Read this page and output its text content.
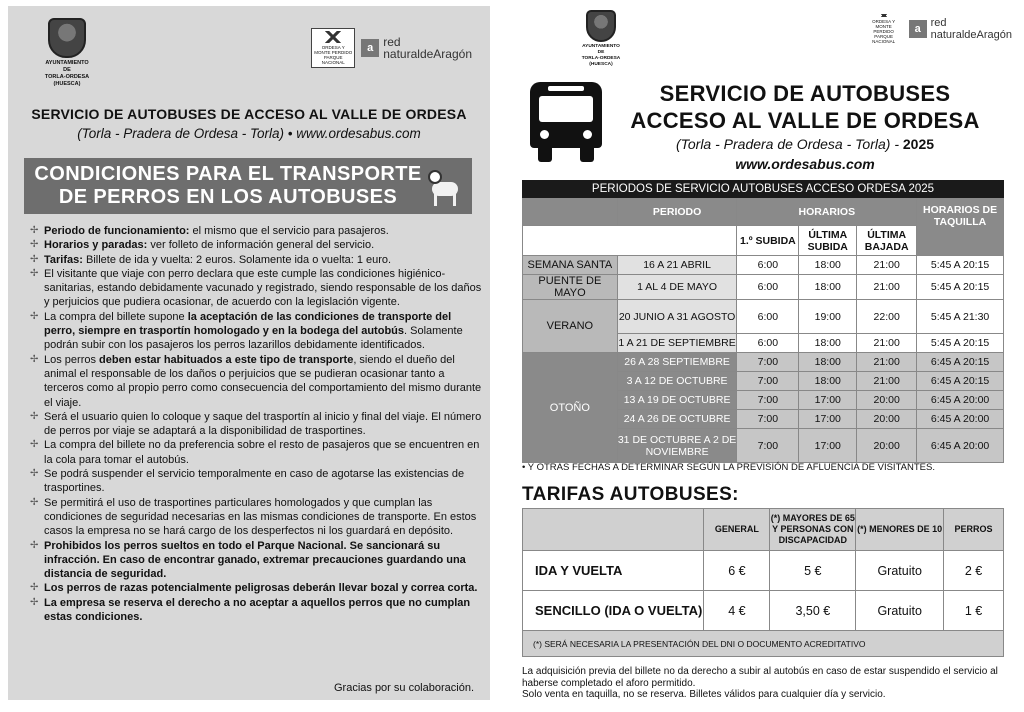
AYUNTAMIENTO
DE
TORLA-ORDESA
(HUESCA)
ORDESA Y
MONTE PERDIDO
PARQUE NACIONAL
a red
naturaldeAragón
SERVICIO DE AUTOBUSES DE ACCESO AL VALLE DE ORDESA
(Torla - Pradera de Ordesa - Torla) • www.ordesabus.com
CONDICIONES PARA EL TRANSPORTE
DE PERROS EN LOS AUTOBUSES
✢ Periodo de funcionamiento: el mismo que el servicio para pasajeros.
✢ Horarios y paradas: ver folleto de información general del servicio.
✢ Tarifas: Billete de ida y vuelta: 2 euros. Solamente ida o vuelta: 1 euro.
✢ El visitante que viaje con perro declara que este cumple las condiciones higiénico-sanitarias, estando debidamente vacunado y registrado, siendo responsable de los daños y perjuicios que pudiera ocasionar, de acuerdo con la legislación vigente.
✢ La compra del billete supone la aceptación de las condiciones de transporte del perro, siempre en trasportín homologado y en la bodega del autobús. Solamente podrán subir con los pasajeros los perros lazarillos debidamente identificados.
✢ Los perros deben estar habituados a este tipo de transporte, siendo el dueño del animal el responsable de los daños o perjuicios que se pudieran ocasionar tanto a terceros como al propio perro como consecuencia del comportamiento del mismo durante el viaje.
✢ Será el usuario quien lo coloque y saque del trasportín al inicio y final del viaje. El número de perros por viaje se adaptará a la disponibilidad de trasportines.
✢ La compra del billete no da preferencia sobre el resto de pasajeros que se encuentren en la cola para tomar el autobús.
✢ Se podrá suspender el servicio temporalmente en caso de agotarse las existencias de trasportines.
✢ Se permitirá el uso de trasportines particulares homologados y que cumplan las condiciones de seguridad necesarias en las mismas condiciones de transporte. En estos casos la empresa no se hará cargo de los desperfectos ni los guardará en depósito.
✢ Prohibidos los perros sueltos en todo el Parque Nacional. Se sancionará su infracción. En caso de encontrar ganado, extremar precauciones guardando una distancia de seguridad.
✢ Los perros de razas potencialmente peligrosas deberán llevar bozal y correa corta.
✢ La empresa se reserva el derecho a no aceptar a aquellos perros que no cumplan estas condiciones.
Gracias por su colaboración.
AYUNTAMIENTO
DE
TORLA-ORDESA
(HUESCA)
ORDESA Y
MONTE PERDIDO
PARQUE NACIONAL
a red
naturaldeAragón
SERVICIO DE AUTOBUSES
ACCESO AL VALLE DE ORDESA
(Torla - Pradera de Ordesa - Torla) - 2025
www.ordesabus.com
PERIODOS DE SERVICIO AUTOBUSES ACCESO ORDESA 2025					
	PERIODO	HORARIOS			HORARIOS DE TAQUILLA
		1.º SUBIDA	ÚLTIMA SUBIDA	ÚLTIMA BAJADA	
SEMANA SANTA	16 A 21 ABRIL	6:00	18:00	21:00	5:45 A 20:15
PUENTE DE MAYO	1 AL 4 DE MAYO	6:00	18:00	21:00	5:45 A 20:15
VERANO	20 JUNIO A 31 AGOSTO	6:00	19:00	22:00	5:45 A 21:30
	1 A 21 DE SEPTIEMBRE	6:00	18:00	21:00	5:45 A 20:15
OTOÑO	26 A 28 SEPTIEMBRE	7:00	18:00	21:00	6:45 A 20:15
	3 A 12 DE OCTUBRE	7:00	18:00	21:00	6:45 A 20:15
	13 A 19 DE OCTUBRE	7:00	17:00	20:00	6:45 A 20:00
	24 A 26 DE OCTUBRE	7:00	17:00	20:00	6:45 A 20:00
	31 DE OCTUBRE A 2 DE NOVIEMBRE	7:00	17:00	20:00	6:45 A 20:00
• Y OTRAS FECHAS A DETERMINAR SEGÚN LA PREVISIÓN DE AFLUENCIA DE VISITANTES.
TARIFAS AUTOBUSES:
	GENERAL	(*) MAYORES DE 65 Y PERSONAS CON DISCAPACIDAD	(*) MENORES DE 10	PERROS
IDA Y VUELTA	6 €	5 €	Gratuito	2 €
SENCILLO (IDA O VUELTA)	4 €	3,50 €	Gratuito	1 €
(*) SERÁ NECESARIA LA PRESENTACIÓN DEL DNI O DOCUMENTO ACREDITATIVO				
La adquisición previa del billete no da derecho a subir al autobús en caso de estar suspendido el servicio al haberse completado el aforo permitido.
Solo venta en taquilla, no se reserva. Billetes válidos para cualquier día y servicio.
